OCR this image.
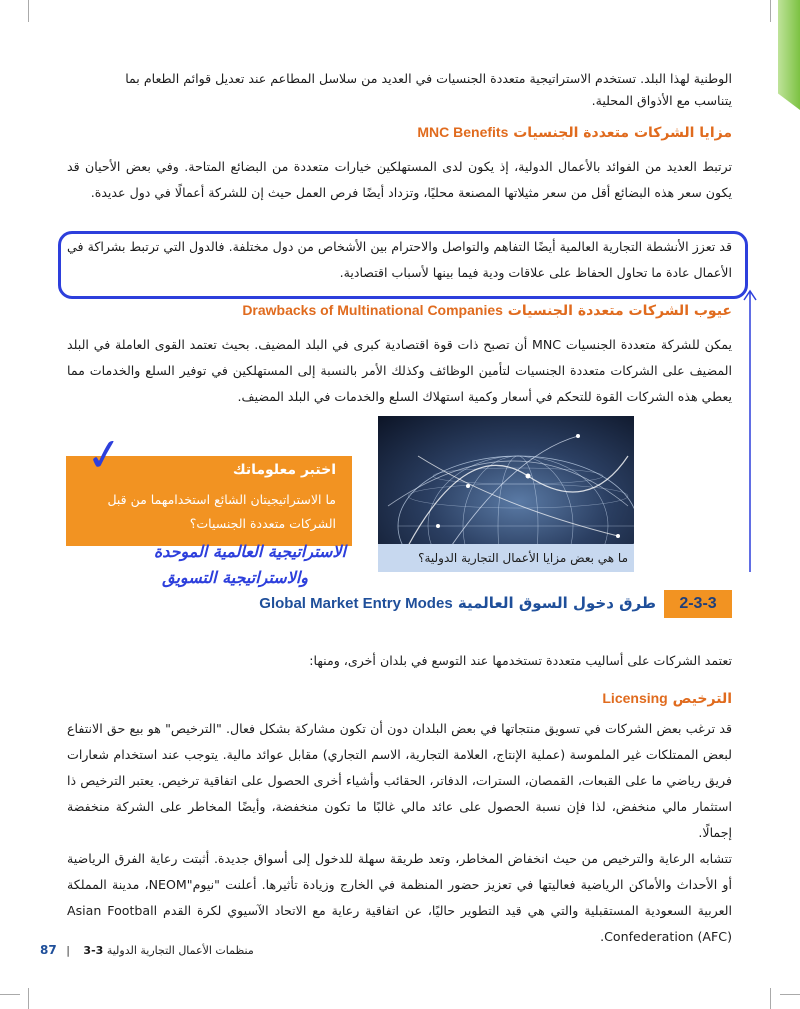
الوطنية لهذا البلد. تستخدم الاستراتيجية متعددة الجنسيات في العديد من سلاسل المطاعم عند تعديل قوائم الطعام بما
يتناسب مع الأذواق المحلية.
مزايا الشركات متعددة الجنسيات MNC Benefits
ترتبط العديد من الفوائد بالأعمال الدولية، إذ يكون لدى المستهلكين خيارات متعددة من البضائع المتاحة. وفي بعض الأحيان قد يكون سعر هذه البضائع أقل من سعر مثيلاتها المصنعة محليًا، وتزداد أيضًا فرص العمل حيث إن للشركة أعمالًا في دول عديدة.
قد تعزز الأنشطة التجارية العالمية أيضًا التفاهم والتواصل والاحترام بين الأشخاص من دول مختلفة. فالدول التي ترتبط بشراكة في الأعمال عادة ما تحاول الحفاظ على علاقات ودية فيما بينها لأسباب اقتصادية.
عيوب الشركات متعددة الجنسيات Drawbacks of Multinational Companies
يمكن للشركة متعددة الجنسيات MNC أن تصبح ذات قوة اقتصادية كبرى في البلد المضيف. بحيث تعتمد القوى العاملة في البلد المضيف على الشركات متعددة الجنسيات لتأمين الوظائف وكذلك الأمر بالنسبة إلى المستهلكين في توفير السلع والخدمات مما يعطي هذه الشركات القوة للتحكم في أسعار وكمية استهلاك السلع والخدمات في البلد المضيف.
ما هي بعض مزايا الأعمال التجارية الدولية؟
اختبر معلوماتك
ما الاستراتيجيتان الشائع استخدامهما من قبل الشركات متعددة الجنسيات؟
✓
الاستراتيجية العالمية الموحدة
والاستراتيجية التسويق
2-3-3
طرق دخول السوق العالمية Global Market Entry Modes
تعتمد الشركات على أساليب متعددة تستخدمها عند التوسع في بلدان أخرى، ومنها:
الترخيص Licensing
قد ترغب بعض الشركات في تسويق منتجاتها في بعض البلدان دون أن تكون مشاركة بشكل فعال. "الترخيص" هو بيع حق الانتفاع لبعض الممتلكات غير الملموسة (عملية الإنتاج، العلامة التجارية، الاسم التجاري) مقابل عوائد مالية. يتوجب عند استخدام شعارات فريق رياضي ما على القبعات، القمصان، السترات، الدفاتر، الحقائب وأشياء أخرى الحصول على اتفاقية ترخيص. يعتبر الترخيص ذا استثمار مالي منخفض، لذا فإن نسبة الحصول على عائد مالي غالبًا ما تكون منخفضة، وأيضًا المخاطر على الشركة منخفضة إجمالًا.
تتشابه الرعاية والترخيص من حيث انخفاض المخاطر، وتعد طريقة سهلة للدخول إلى أسواق جديدة. أثبتت رعاية الفرق الرياضية أو الأحداث والأماكن الرياضية فعاليتها في تعزيز حضور المنظمة في الخارج وزيادة تأثيرها. أعلنت "نيوم"NEOM، مدينة المملكة العربية السعودية المستقبلية والتي هي قيد التطوير حاليًا، عن اتفاقية رعاية مع الاتحاد الآسيوي لكرة القدم Asian Football Confederation (AFC).
87 |	منظمات الأعمال التجارية الدولية 3-3
